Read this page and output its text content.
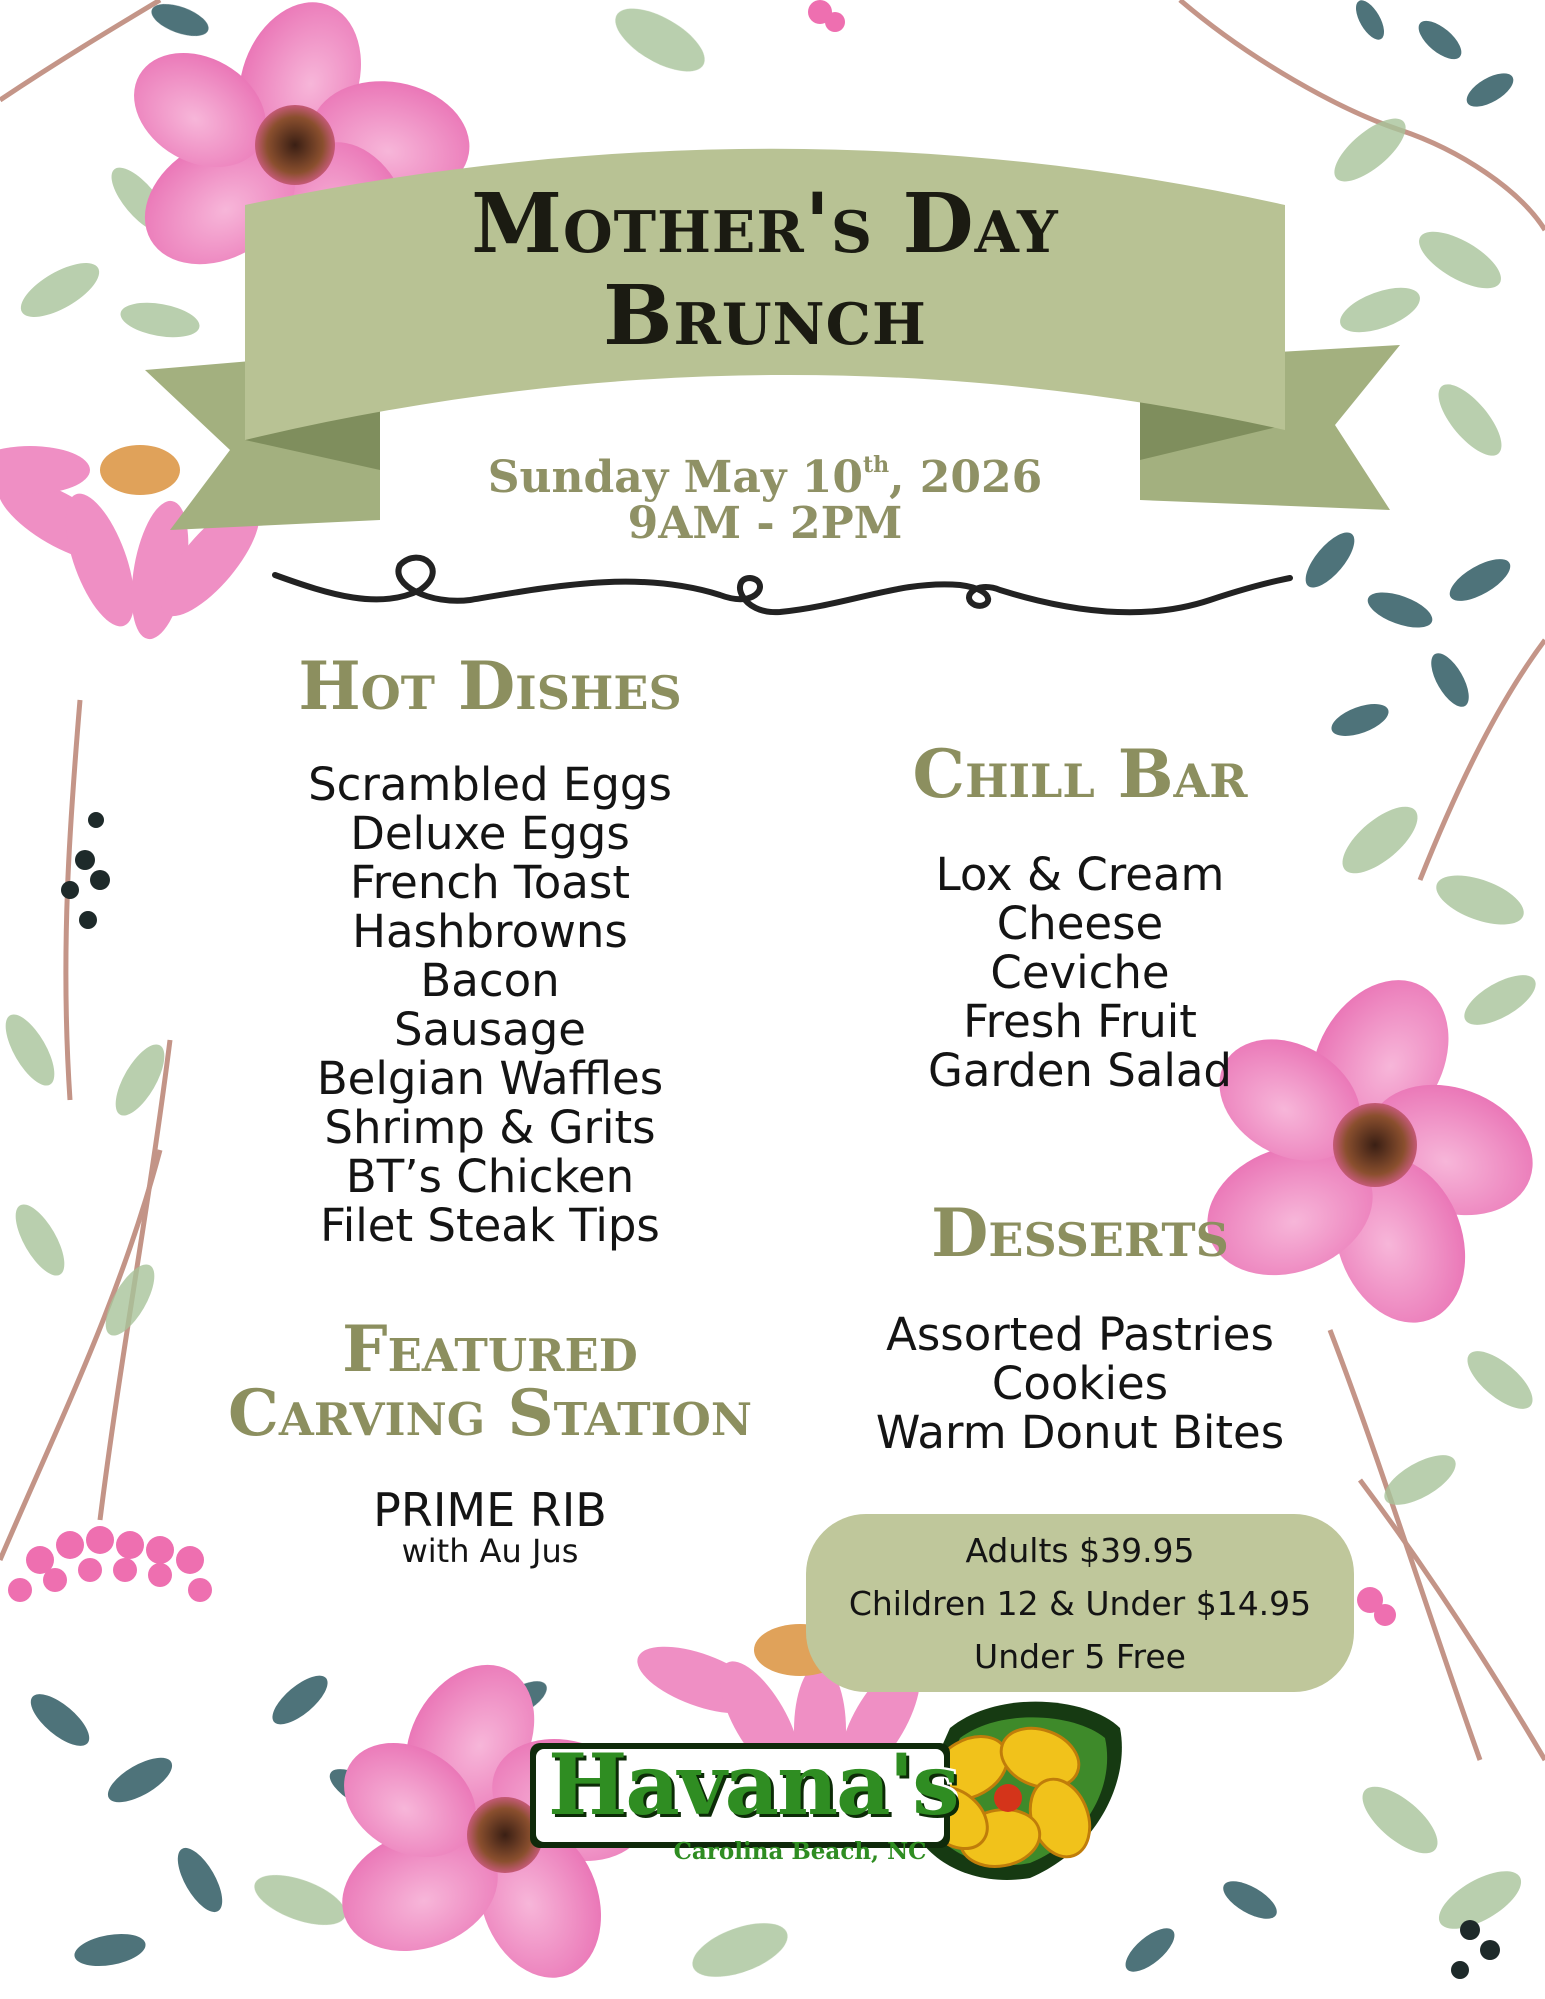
Mother's Day
Brunch
Sunday May 10th, 2026
9AM - 2PM
Hot Dishes
Scrambled Eggs
Deluxe Eggs
French Toast
Hashbrowns
Bacon
Sausage
Belgian Waffles
Shrimp & Grits
BT’s Chicken
Filet Steak Tips
Chill Bar
Lox & Cream
Cheese
Ceviche
Fresh Fruit
Garden Salad
Featured
Carving Station
PRIME RIB
with Au Jus
Desserts
Assorted Pastries
Cookies
Warm Donut Bites
Adults $39.95
Children 12 & Under $14.95
Under 5 Free
Havana's
Carolina Beach, NC
